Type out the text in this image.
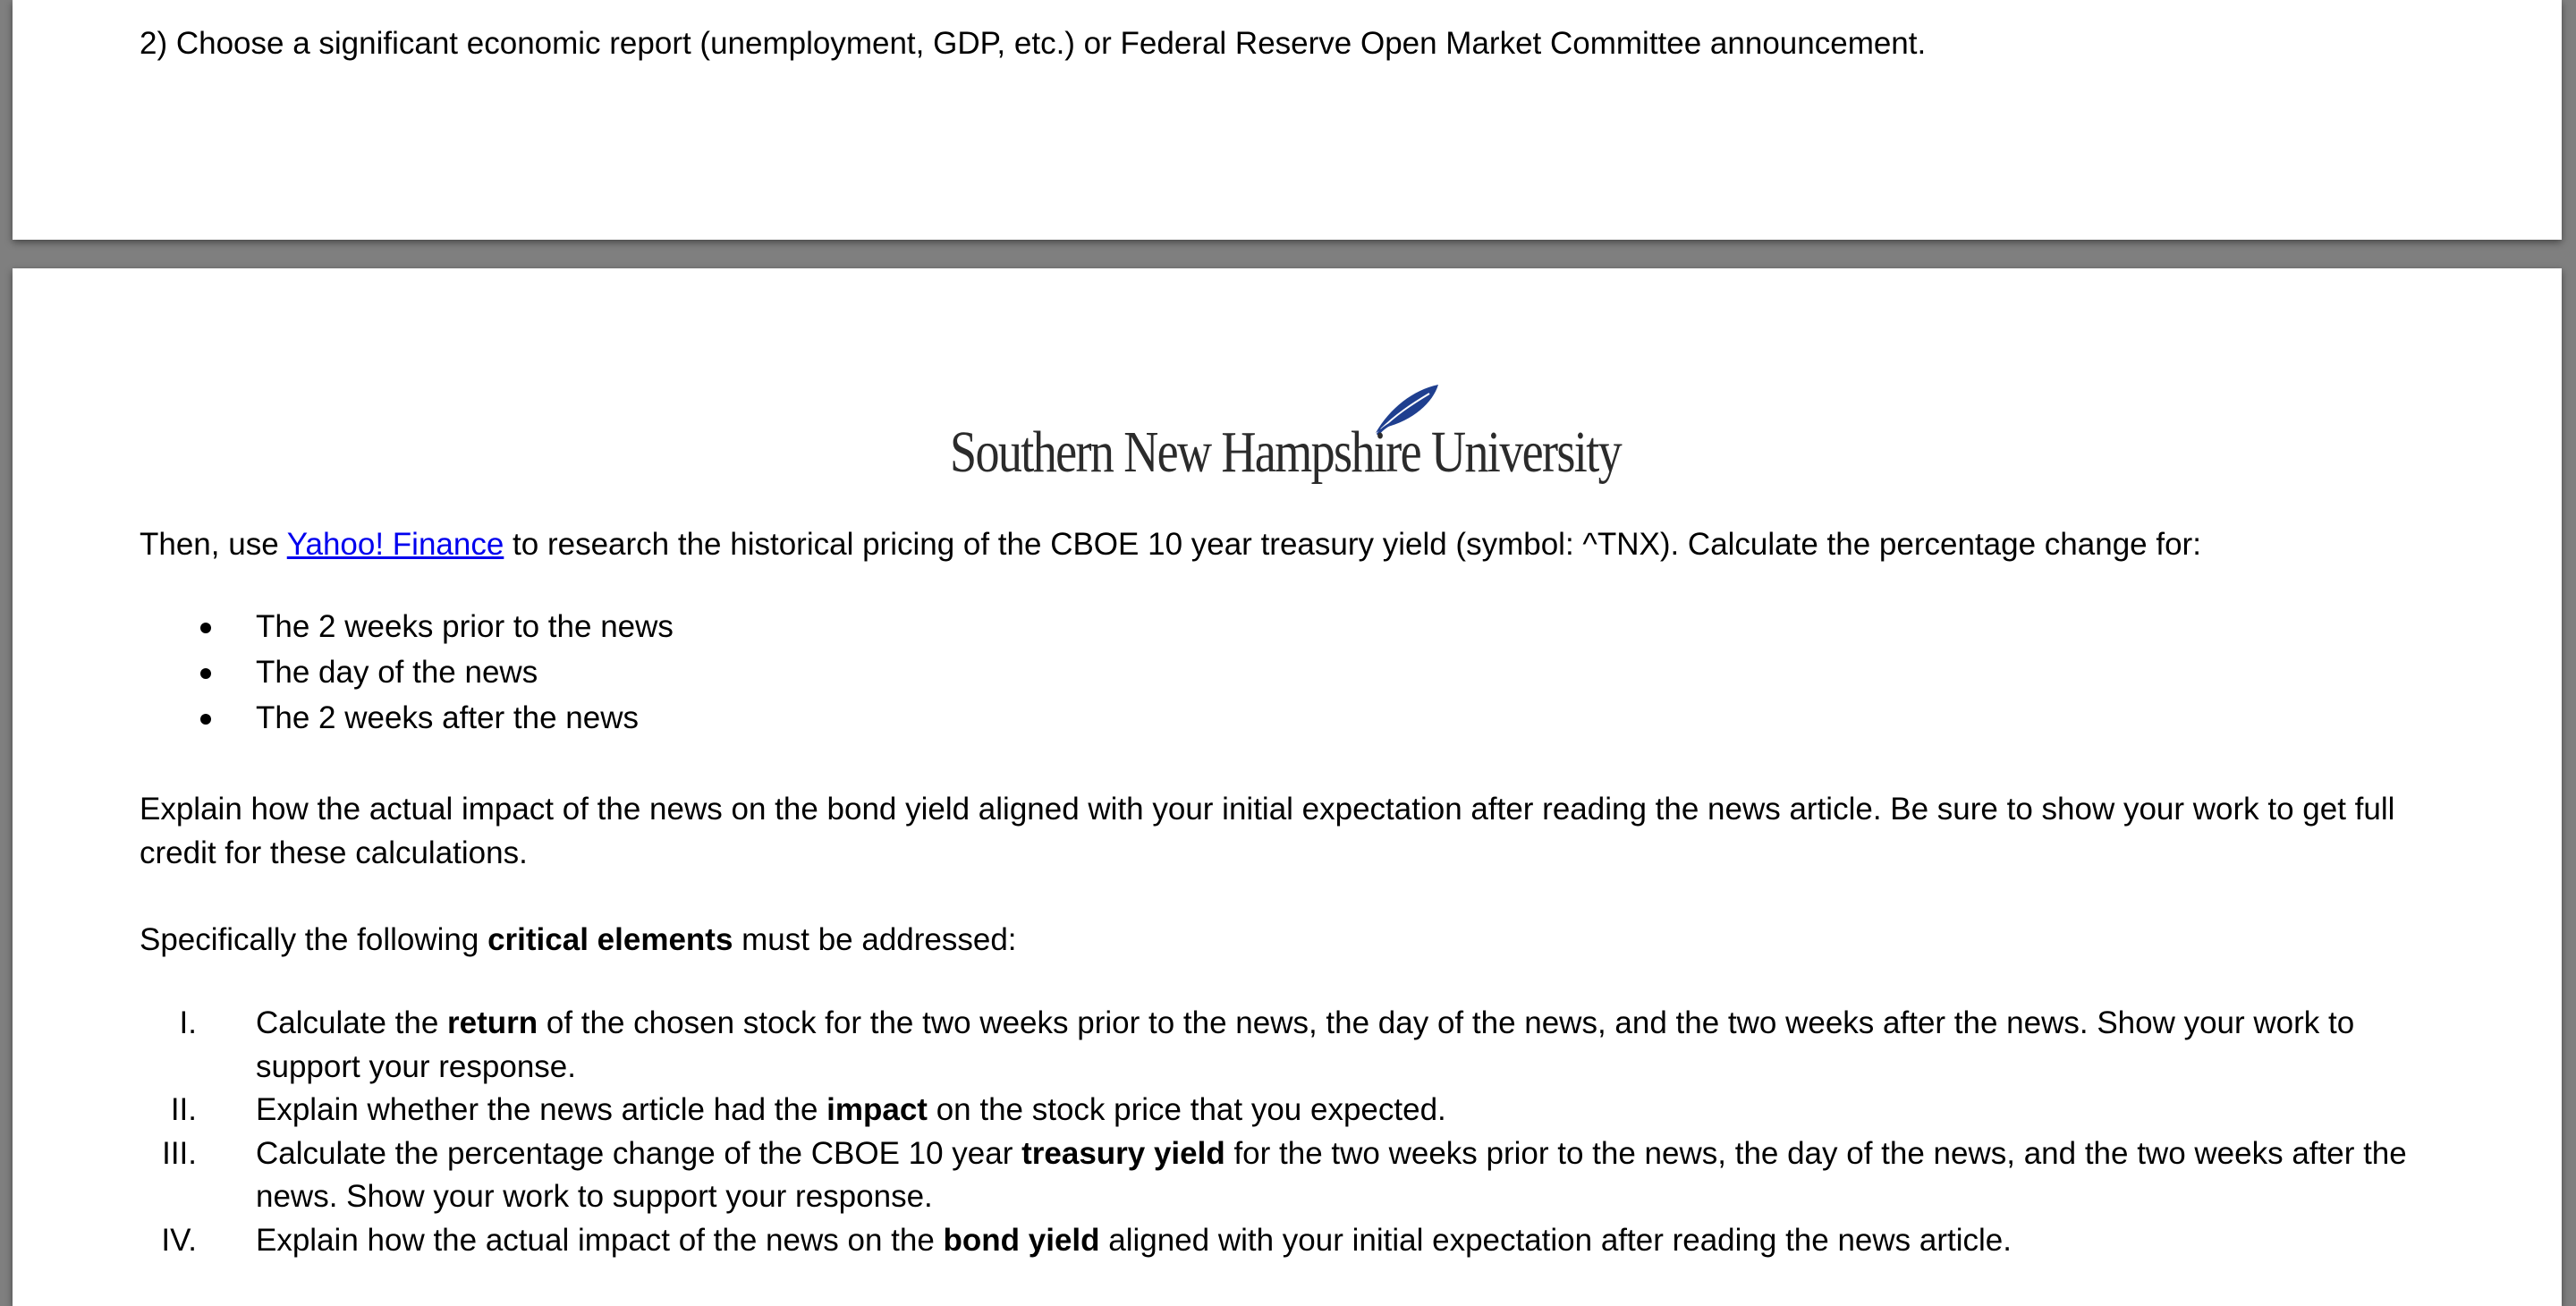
2) Choose a significant economic report (unemployment, GDP, etc.) or Federal Reserve Open Market Committee announcement.
Southern New Hampshire University
Then, use Yahoo! Finance to research the historical pricing of the CBOE 10 year treasury yield (symbol: ^TNX). Calculate the percentage change for:
The 2 weeks prior to the news
The day of the news
The 2 weeks after the news
Explain how the actual impact of the news on the bond yield aligned with your initial expectation after reading the news article. Be sure to show your work to get full credit for these calculations.
Specifically the following critical elements must be addressed:
I. Calculate the return of the chosen stock for the two weeks prior to the news, the day of the news, and the two weeks after the news. Show your work to support your response.
II. Explain whether the news article had the impact on the stock price that you expected.
III. Calculate the percentage change of the CBOE 10 year treasury yield for the two weeks prior to the news, the day of the news, and the two weeks after the news. Show your work to support your response.
IV. Explain how the actual impact of the news on the bond yield aligned with your initial expectation after reading the news article.
